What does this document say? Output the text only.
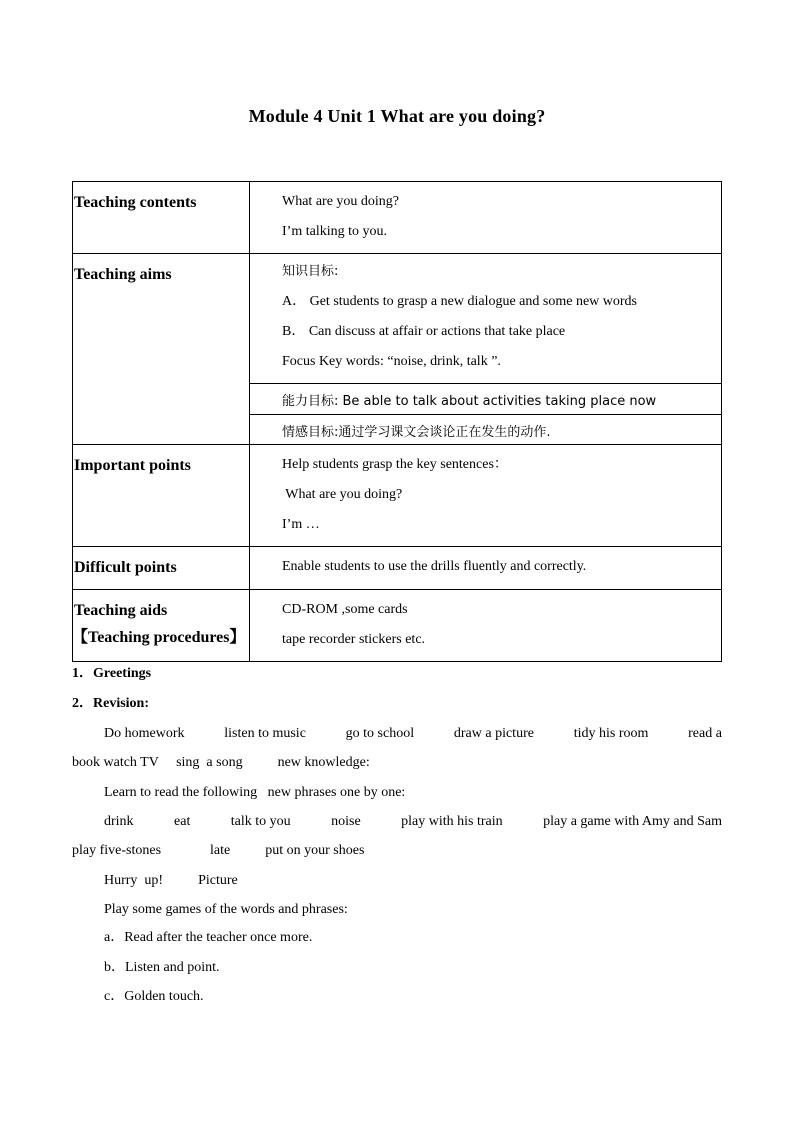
Module 4 Unit 1 What are you doing?
Teaching contents	What are you doing?
I’m talking to you.

Teaching aims	知识目标:
A． Get students to grasp a new dialogue and some new words
B． Can discuss at affair or actions that take place
Focus Key words: “noise, drink, talk ”.

	能力目标: Be able to talk about activities taking place now

	情感目标:通过学习课文会谈论正在发生的动作.

Important points	Help students grasp the key sentences：
What are you doing?
I’m …

Difficult points	Enable students to use the drills fluently and correctly.

Teaching aids	CD-ROM ,some cards
tape recorder stickers etc.
【Teaching procedures】
1．Greetings
2．Revision:
Do homework	listen to music	go to school	draw a picture	tidy his room	read a
book watch TV     sing  a song          new knowledge:
Learn to read the following   new phrases one by one:
drink	eat	talk to you	noise	play with his train	play a game with Amy and Sam
play five-stones              late          put on your shoes
Hurry  up!          Picture
Play some games of the words and phrases:
a．Read after the teacher once more.
b．Listen and point.
c．Golden touch.
